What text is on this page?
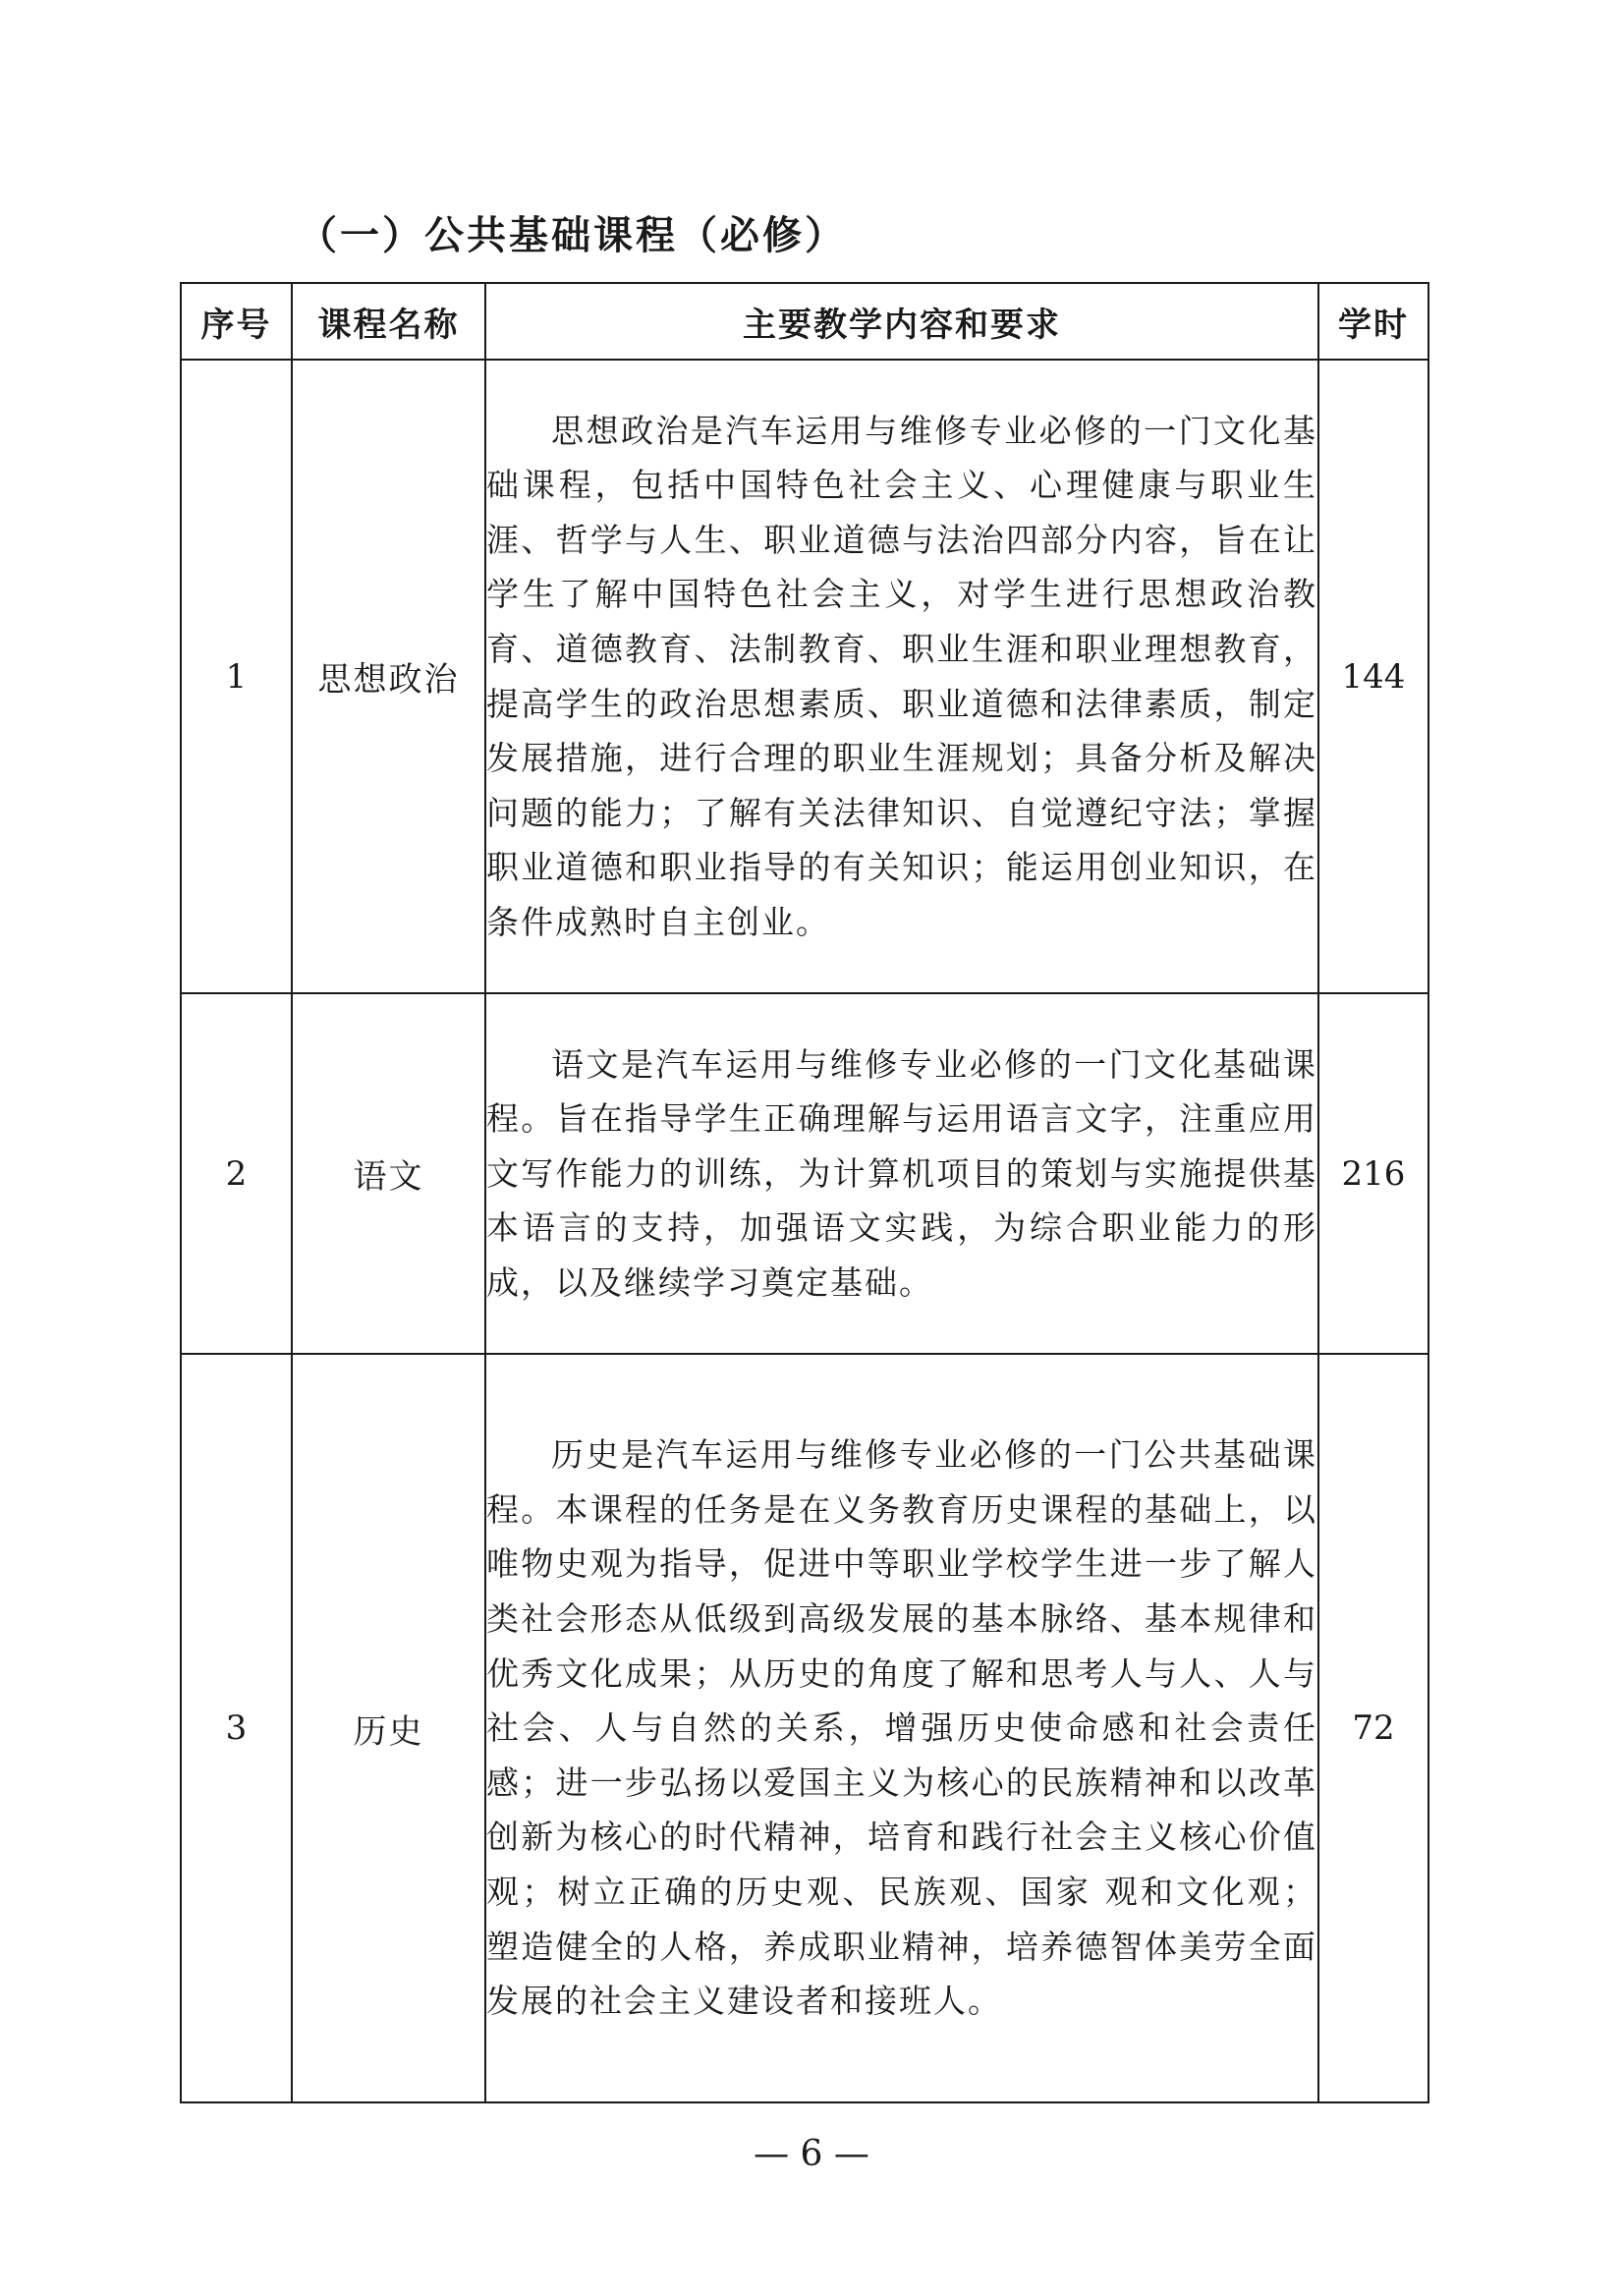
（一）公共基础课程（必修）
序号	课程名称	主要教学内容和要求	学时
1	思想政治	思想政治是汽车运用与维修专业必修的一门文化基础课程，包括中国特色社会主义、心理健康与职业生涯、哲学与人生、职业道德与法治四部分内容，旨在让学生了解中国特色社会主义，对学生进行思想政治教育、道德教育、法制教育、职业生涯和职业理想教育，提高学生的政治思想素质、职业道德和法律素质，制定发展措施，进行合理的职业生涯规划；具备分析及解决问题的能力；了解有关法律知识、自觉遵纪守法；掌握职业道德和职业指导的有关知识；能运用创业知识，在条件成熟时自主创业。	144
2	语文	语文是汽车运用与维修专业必修的一门文化基础课程。旨在指导学生正确理解与运用语言文字，注重应用文写作能力的训练，为计算机项目的策划与实施提供基本语言的支持，加强语文实践，为综合职业能力的形成，以及继续学习奠定基础。	216
3	历史	历史是汽车运用与维修专业必修的一门公共基础课程。本课程的任务是在义务教育历史课程的基础上，以唯物史观为指导，促进中等职业学校学生进一步了解人类社会形态从低级到高级发展的基本脉络、基本规律和优秀文化成果；从历史的角度了解和思考人与人、人与社会、人与自然的关系，增强历史使命感和社会责任感；进一步弘扬以爱国主义为核心的民族精神和以改革创新为核心的时代精神，培育和践行社会主义核心价值观；树立正确的历史观、民族观、国家 观和文化观；塑造健全的人格，养成职业精神，培养德智体美劳全面发展的社会主义建设者和接班人。	72
— 6 —
